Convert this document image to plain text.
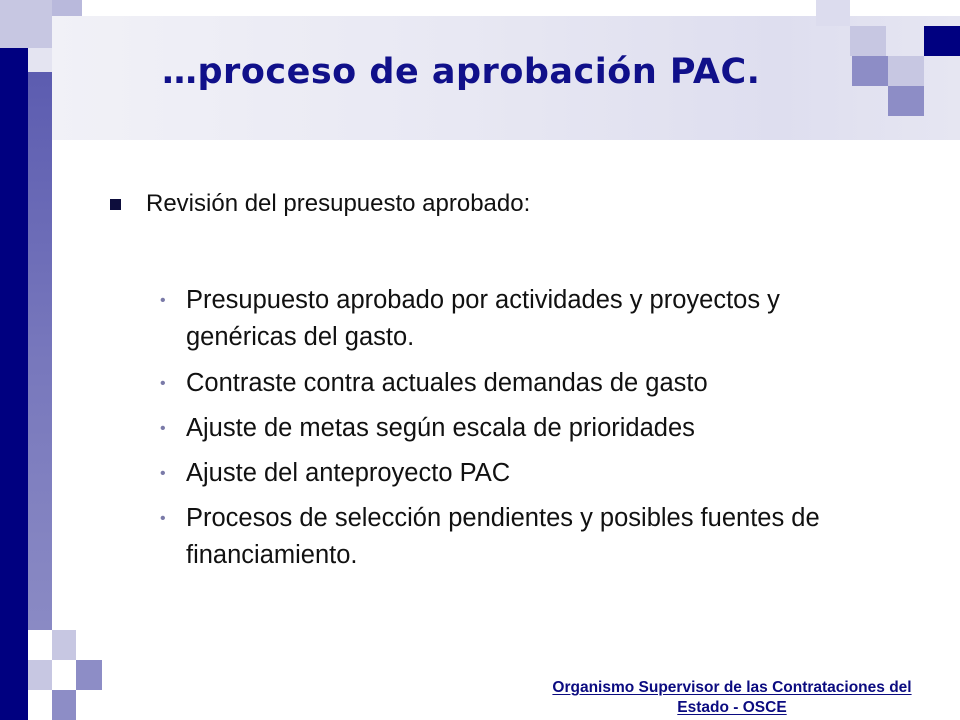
…proceso de aprobación PAC.
Revisión del presupuesto aprobado:
• Presupuesto aprobado por actividades y proyectos y genéricas del gasto.
• Contraste contra actuales demandas de gasto
• Ajuste de metas según escala de prioridades
• Ajuste del anteproyecto PAC
• Procesos de selección pendientes y posibles fuentes de financiamiento.
Organismo Supervisor de las Contrataciones del
Estado - OSCE
